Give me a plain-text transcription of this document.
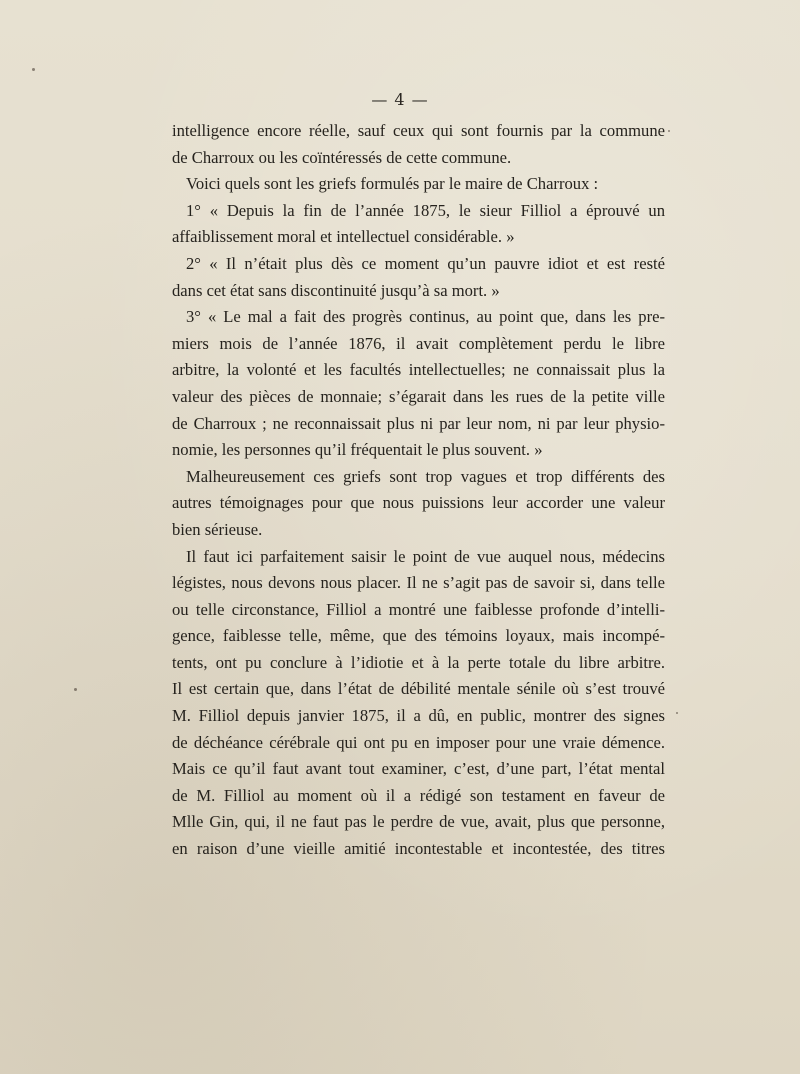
— 4 —
intelligence encore réelle, sauf ceux qui sont fournis par la commune
de Charroux ou les coïntéressés de cette commune.
Voici quels sont les griefs formulés par le maire de Charroux :
1° « Depuis la fin de l’année 1875, le sieur Filliol a éprouvé un
affaiblissement moral et intellectuel considérable. »
2° « Il n’était plus dès ce moment qu’un pauvre idiot et est resté
dans cet état sans discontinuité jusqu’à sa mort. »
3° « Le mal a fait des progrès continus, au point que, dans les pre-
miers mois de l’année 1876, il avait complètement perdu le libre
arbitre, la volonté et les facultés intellectuelles; ne connaissait plus la
valeur des pièces de monnaie; s’égarait dans les rues de la petite ville
de Charroux ; ne reconnaissait plus ni par leur nom, ni par leur physio-
nomie, les personnes qu’il fréquentait le plus souvent. »
Malheureusement ces griefs sont trop vagues et trop différents des
autres témoignages pour que nous puissions leur accorder une valeur
bien sérieuse.
Il faut ici parfaitement saisir le point de vue auquel nous, médecins
légistes, nous devons nous placer. Il ne s’agit pas de savoir si, dans telle
ou telle circonstance, Filliol a montré une faiblesse profonde d’intelli-
gence, faiblesse telle, même, que des témoins loyaux, mais incompé-
tents, ont pu conclure à l’idiotie et à la perte totale du libre arbitre.
Il est certain que, dans l’état de débilité mentale sénile où s’est trouvé
M. Filliol depuis janvier 1875, il a dû, en public, montrer des signes
de déchéance cérébrale qui ont pu en imposer pour une vraie démence.
Mais ce qu’il faut avant tout examiner, c’est, d’une part, l’état mental
de M. Filliol au moment où il a rédigé son testament en faveur de
Mlle Gin, qui, il ne faut pas le perdre de vue, avait, plus que personne,
en raison d’une vieille amitié incontestable et incontestée, des titres
